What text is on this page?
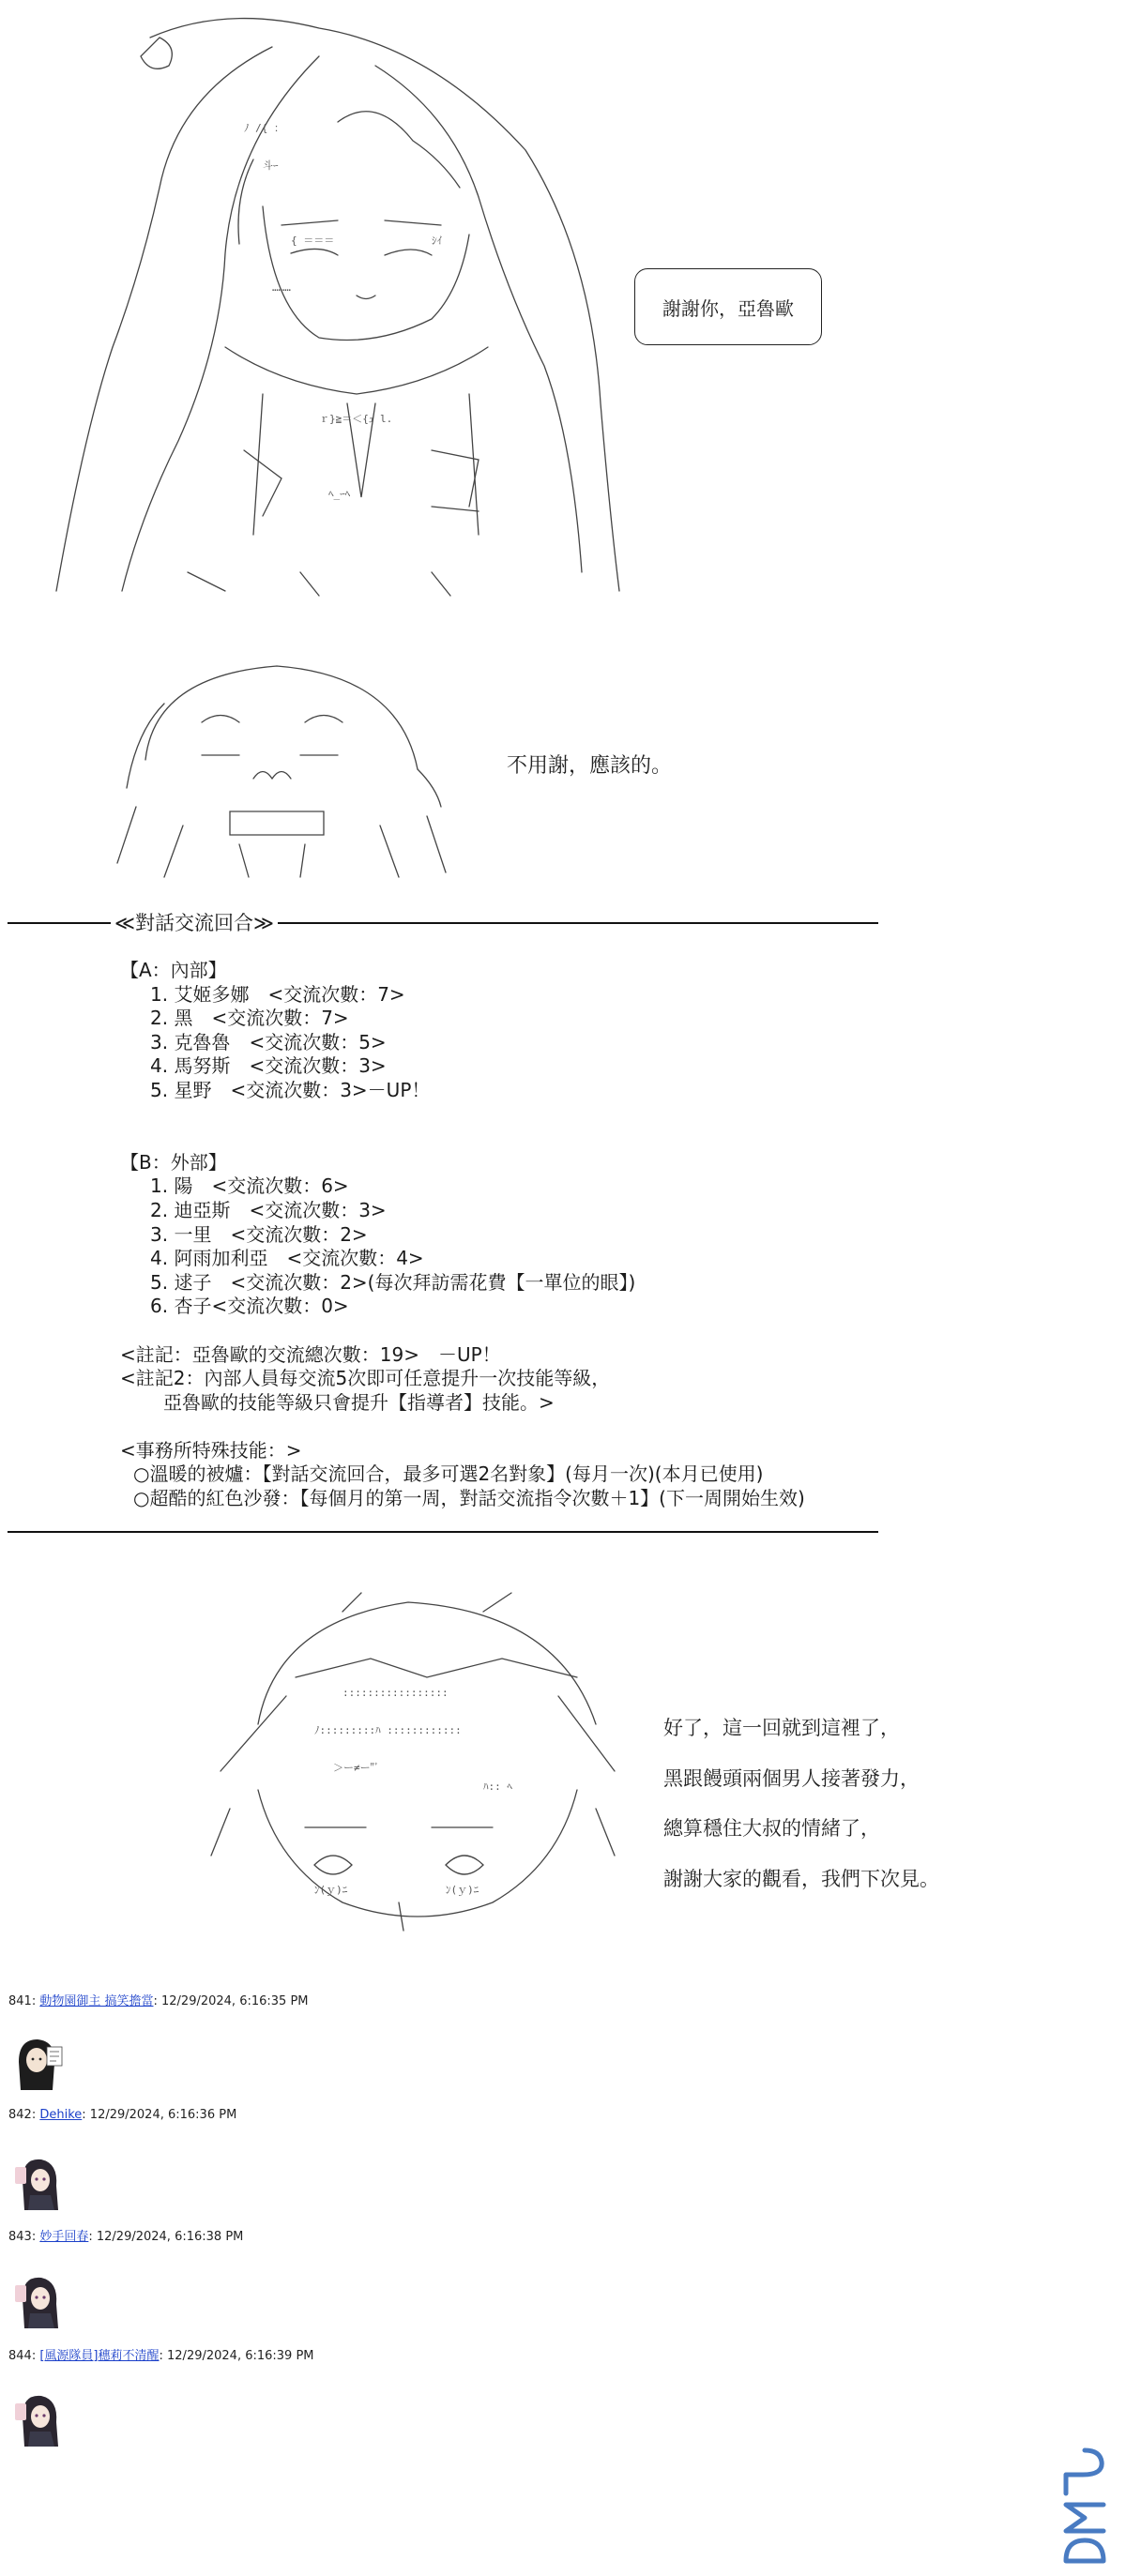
ﾉ /{ ：
斗ｰ
{ ＝＝＝	ｼｲ
………
ｒ}≧＝＜{ｭ l.
ﾍ_ｰﾍ
謝謝你，亞魯歐
不用謝，應該的。
≪對話交流回合≫
【A：內部】
1. 艾姬多娜　<交流次數：7>
2. 黑　<交流次數：7>
3. 克魯魯　<交流次數：5>
4. 馬努斯　<交流次數：3>
5. 星野　<交流次數：3>－UP！
【B：外部】
1. 陽　<交流次數：6>
2. 迪亞斯　<交流次數：3>
3. 一里　<交流次數：2>
4. 阿雨加利亞　<交流次數：4>
5. 逑子　<交流次數：2>(每次拜訪需花費【一單位的眼】)
6. 杏子<交流次數：0>
<註記：亞魯歐的交流總次數：19>　－UP！
<註記2：內部人員每交流5次即可任意提升一次技能等級，
亞魯歐的技能等級只會提升【指導者】技能。>
<事務所特殊技能：>
○溫暖的被爐：【對話交流回合，最多可選2名對象】(每月一次)(本月已使用)
○超酷的紅色沙發：【每個月的第一周，對話交流指令次數＋1】(下一周開始生效)
:::::::::::::::::
ﾉ:::::::::ﾊ ::::::::::::
＞ー≠ー"ﾞ
ﾊ:: ﾍ
ﾝ(ｙ)ﾆ	ﾝ(ｙ)ﾆ
好了，這一回就到這裡了，
黑跟饅頭兩個男人接著發力，
總算穩住大叔的情緒了，
謝謝大家的觀看，我們下次見。
841: 動物園御主 搞笑擔當: 12/29/2024, 6:16:35 PM
842: Dehike: 12/29/2024, 6:16:36 PM
843: 妙手回春: 12/29/2024, 6:16:38 PM
844: [風源隊員]穗莉不清醒: 12/29/2024, 6:16:39 PM
